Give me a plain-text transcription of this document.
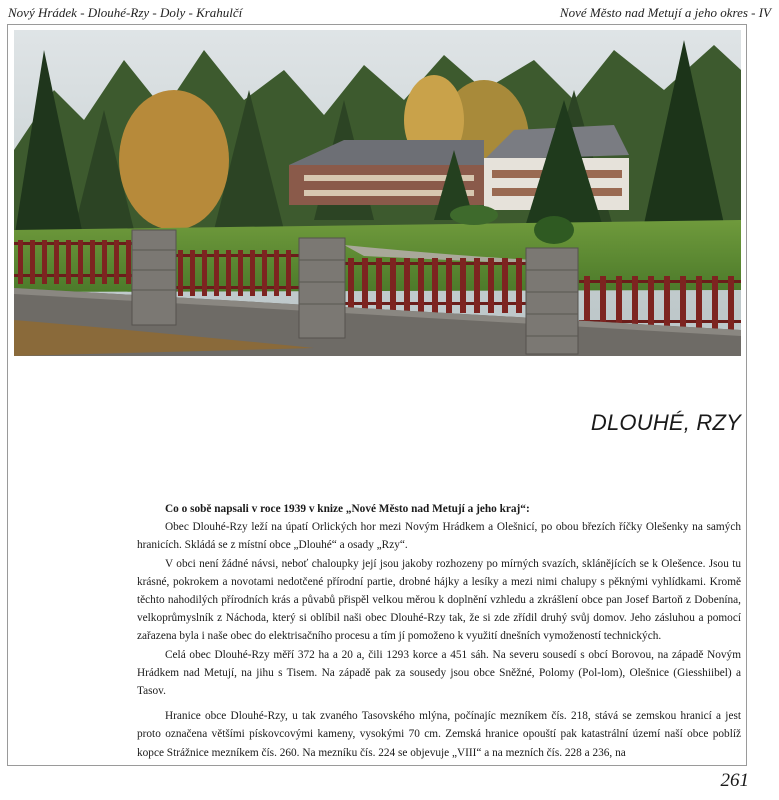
Nový Hrádek - Dlouhé-Rzy - Doly - Krahulčí	Nové Město nad Metují a jeho okres - IV
DLOUHÉ, RZY

Co o sobě napsali v roce 1939 v knize „Nové Město nad Metují a jeho kraj“:

Obec Dlouhé-Rzy leží na úpatí Orlických hor mezi Novým Hrádkem a Olešnicí, po obou březích říčky Olešenky na samých hranicích. Skládá se z místní obce „Dlouhé“ a osady „Rzy“.

V obci není žádné návsi, neboť chaloupky její jsou jakoby rozhozeny po mírných svazích, sklánějících se k Olešence. Jsou tu krásné, pokrokem a novotami nedotčené přírodní partie, drobné hájky a lesíky a mezi nimi chalupy s pěknými vyhlídkami. Kromě těchto nahodilých přírodních krás a půvabů přispěl velkou měrou k doplnění vzhledu a zkrášlení obce pan Josef Bartoň z Dobenína, velkoprůmyslník z Náchoda, který si oblíbil naši obec Dlouhé-Rzy tak, že si zde zřídil druhý svůj domov. Jeho zásluhou a pomocí zařazena byla i naše obec do elektrisačního procesu a tím jí pomoženo k využití dnešních vymožeností technických.

Celá obec Dlouhé-Rzy měří 372 ha a 20 a, čili 1293 korce a 451 sáh. Na severu sousedí s obcí Borovou, na západě Novým Hrádkem nad Metují, na jihu s Tisem. Na západě pak za sousedy jsou obce Sněžné, Polomy (Pol-lom), Olešnice (Giesshiibel) a Tasov.

Hranice obce Dlouhé-Rzy, u tak zvaného Tasovského mlýna, počínajíc mezníkem čís. 218, stává se zemskou hranicí a jest proto označena většími pískovcovými kameny, vysokými 70 cm. Zemská hranice opouští pak katastrální území naší obce poblíž kopce Strážnice mezníkem čís. 260. Na mezníku čís. 224 se objevuje „VIII“ a na mezních čís. 228 a 236, na

261
